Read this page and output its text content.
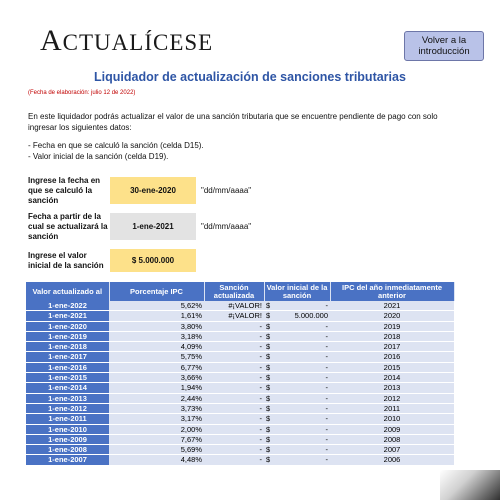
ACTUALÍCESE	Volver a la introducción
Liquidador de actualización de sanciones tributarias
(Fecha de elaboración: julio 12 de 2022)
En este liquidador podrás actualizar el valor de una sanción tributaria que se encuentre pendiente de pago con solo ingresar los siguientes datos:
- Fecha en que se calculó la sanción (celda D15).
- Valor inicial de la sanción (celda D19).
Ingrese la fecha en que se calculó la sanción
30-ene-2020	"dd/mm/aaaa"
Fecha a partir de la cual se actualizará la sanción
1-ene-2021	"dd/mm/aaaa"
Ingrese el valor inicial de la sanción
$ 5.000.000
Valor actualizado al	Porcentaje IPC	Sanción actualizada	Valor inicial de la sanción	IPC del año inmediatamente anterior
1-ene-2022	5,62%	#¡VALOR!	$ -	2021
1-ene-2021	1,61%	#¡VALOR!	$ 5.000.000	2020
1-ene-2020	3,80%	-	$ -	2019
1-ene-2019	3,18%	-	$ -	2018
1-ene-2018	4,09%	-	$ -	2017
1-ene-2017	5,75%	-	$ -	2016
1-ene-2016	6,77%	-	$ -	2015
1-ene-2015	3,66%	-	$ -	2014
1-ene-2014	1,94%	-	$ -	2013
1-ene-2013	2,44%	-	$ -	2012
1-ene-2012	3,73%	-	$ -	2011
1-ene-2011	3,17%	-	$ -	2010
1-ene-2010	2,00%	-	$ -	2009
1-ene-2009	7,67%	-	$ -	2008
1-ene-2008	5,69%	-	$ -	2007
1-ene-2007	4,48%	-	$ -	2006
